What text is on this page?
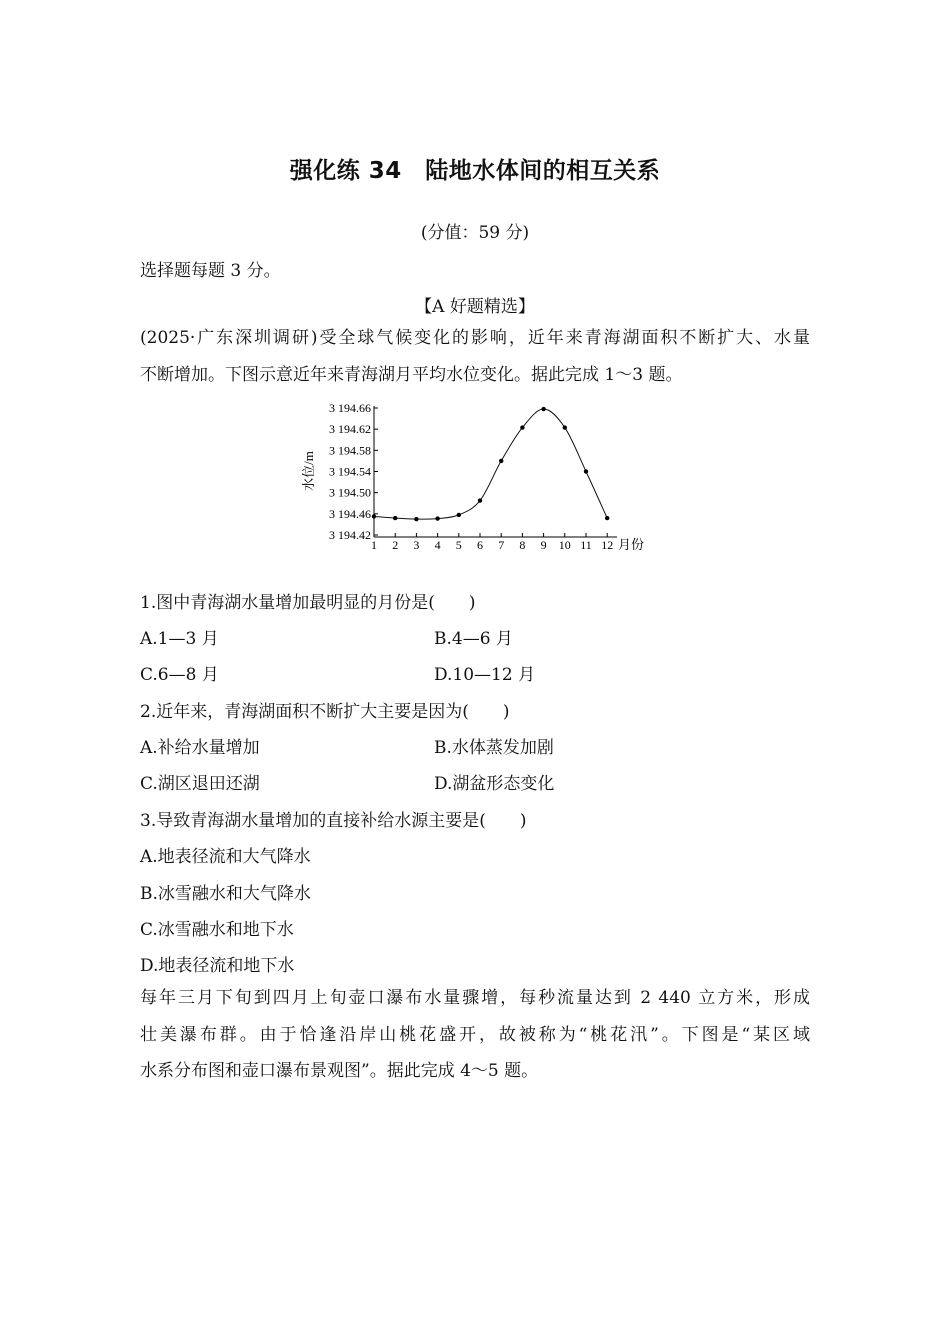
强化练 34　陆地水体间的相互关系
(分值：59 分)
选择题每题 3 分。
【A 好题精选】
(2025·广东深圳调研)受全球气候变化的影响，近年来青海湖面积不断扩大、水量
不断增加。下图示意近年来青海湖月平均水位变化。据此完成 1～3 题。
水位/m
月份
3 194.66
3 194.62
3 194.58
3 194.54
3 194.50
3 194.46
3 194.42
1 2 3 4 5 6 7 8 9 10 11 12
1.图中青海湖水量增加最明显的月份是(　　)
A.1—3 月	B.4—6 月
C.6—8 月	D.10—12 月
2.近年来，青海湖面积不断扩大主要是因为(　　)
A.补给水量增加	B.水体蒸发加剧
C.湖区退田还湖	D.湖盆形态变化
3.导致青海湖水量增加的直接补给水源主要是(　　)
A.地表径流和大气降水
B.冰雪融水和大气降水
C.冰雪融水和地下水
D.地表径流和地下水
每年三月下旬到四月上旬壶口瀑布水量骤增，每秒流量达到 2 440 立方米，形成
壮美瀑布群。由于恰逢沿岸山桃花盛开，故被称为“桃花汛”。下图是“某区域
水系分布图和壶口瀑布景观图”。据此完成 4～5 题。
